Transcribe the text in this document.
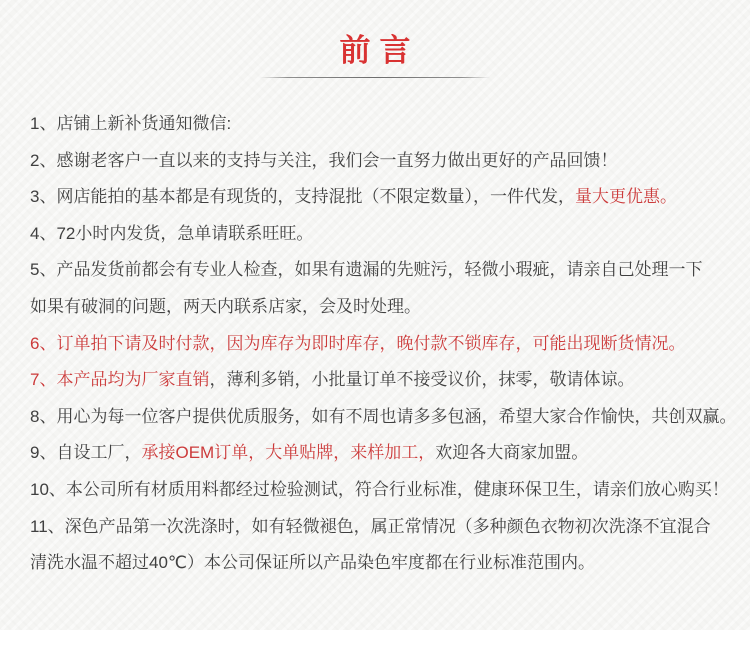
前言

1、店铺上新补货通知微信:

2、感谢老客户一直以来的支持与关注，我们会一直努力做出更好的产品回馈！

3、网店能拍的基本都是有现货的，支持混批（不限定数量），一件代发，量大更优惠。

4、72小时内发货，急单请联系旺旺。

5、产品发货前都会有专业人检查，如果有遗漏的先赃污，轻微小瑕疵，请亲自己处理一下

如果有破洞的问题，两天内联系店家，会及时处理。

6、订单拍下请及时付款，因为库存为即时库存，晚付款不锁库存，可能出现断货情况。

7、本产品均为厂家直销，薄利多销，小批量订单不接受议价，抹零，敬请体谅。

8、用心为每一位客户提供优质服务，如有不周也请多多包涵，希望大家合作愉快，共创双赢。

9、自设工厂，承接OEM订单，大单贴牌，来样加工，欢迎各大商家加盟。

10、本公司所有材质用料都经过检验测试，符合行业标准，健康环保卫生，请亲们放心购买！

11、深色产品第一次洗涤时，如有轻微褪色，属正常情况（多种颜色衣物初次洗涤不宜混合

清洗水温不超过40℃）本公司保证所以产品染色牢度都在行业标准范围内。
